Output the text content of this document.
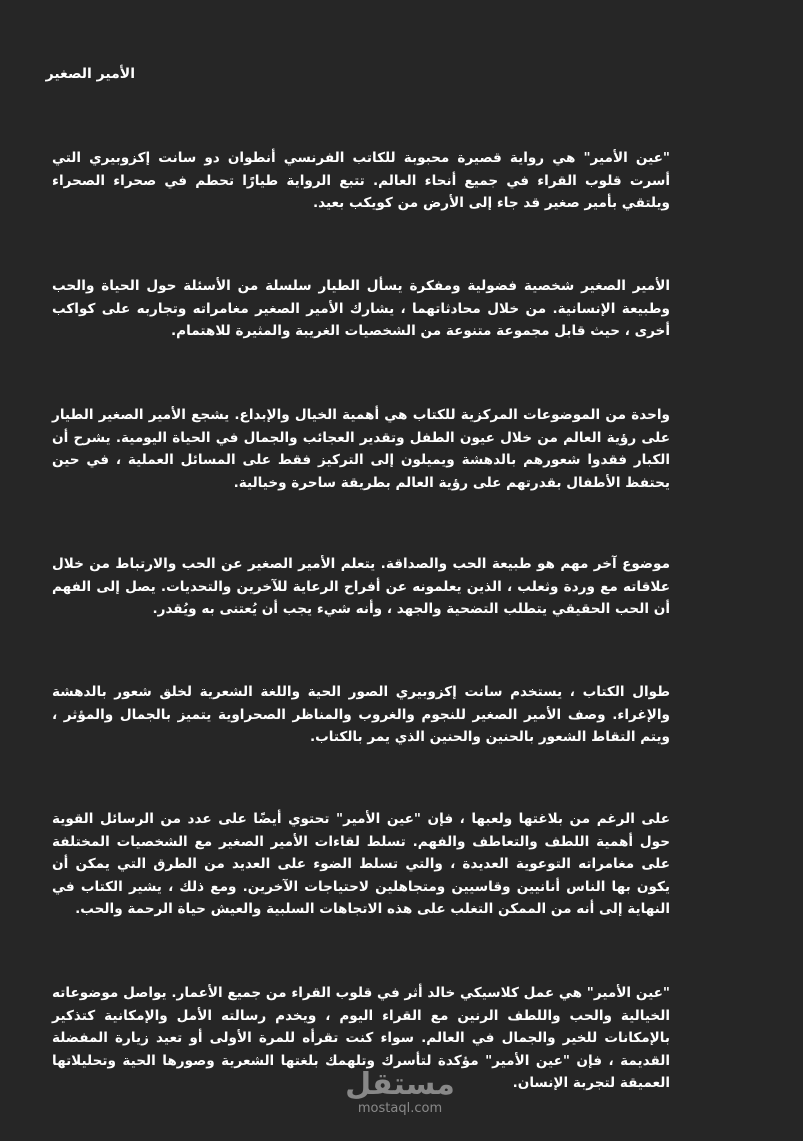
الأمير الصغير

"عين الأمير" هي رواية قصيرة محبوبة للكاتب الفرنسي أنطوان دو سانت إكزوبيري التي أسرت قلوب القراء في جميع أنحاء العالم. تتبع الرواية طيارًا تحطم في صحراء الصحراء ويلتقي بأمير صغير قد جاء إلى الأرض من كويكب بعيد.

الأمير الصغير شخصية فضولية ومفكرة يسأل الطيار سلسلة من الأسئلة حول الحياة والحب وطبيعة الإنسانية. من خلال محادثاتهما ، يشارك الأمير الصغير مغامراته وتجاربه على كواكب أخرى ، حيث قابل مجموعة متنوعة من الشخصيات الغريبة والمثيرة للاهتمام.

واحدة من الموضوعات المركزية للكتاب هي أهمية الخيال والإبداع. يشجع الأمير الصغير الطيار على رؤية العالم من خلال عيون الطفل وتقدير العجائب والجمال في الحياة اليومية. يشرح أن الكبار فقدوا شعورهم بالدهشة ويميلون إلى التركيز فقط على المسائل العملية ، في حين يحتفظ الأطفال بقدرتهم على رؤية العالم بطريقة ساحرة وخيالية.

موضوع آخر مهم هو طبيعة الحب والصداقة. يتعلم الأمير الصغير عن الحب والارتباط من خلال علاقاته مع وردة وثعلب ، الذين يعلمونه عن أفراح الرعاية للآخرين والتحديات. يصل إلى الفهم أن الحب الحقيقي يتطلب التضحية والجهد ، وأنه شيء يجب أن يُعتنى به ويُقدر.

طوال الكتاب ، يستخدم سانت إكزوبيري الصور الحية واللغة الشعرية لخلق شعور بالدهشة والإغراء. وصف الأمير الصغير للنجوم والغروب والمناظر الصحراوية يتميز بالجمال والمؤثر ، ويتم التقاط الشعور بالحنين والحنين الذي يمر بالكتاب.

على الرغم من بلاغتها ولعبها ، فإن "عين الأمير" تحتوي أيضًا على عدد من الرسائل القوية حول أهمية اللطف والتعاطف والفهم. تسلط لقاءات الأمير الصغير مع الشخصيات المختلفة على مغامراته التوعوية العديدة ، والتي تسلط الضوء على العديد من الطرق التي يمكن أن يكون بها الناس أنانيين وقاسيين ومتجاهلين لاحتياجات الآخرين. ومع ذلك ، يشير الكتاب في النهاية إلى أنه من الممكن التغلب على هذه الاتجاهات السلبية والعيش حياة الرحمة والحب.

"عين الأمير" هي عمل كلاسيكي خالد أثر في قلوب القراء من جميع الأعمار. يواصل موضوعاته الخيالية والحب واللطف الرنين مع القراء اليوم ، ويخدم رسالته الأمل والإمكانية كتذكير بالإمكانات للخير والجمال في العالم. سواء كنت تقرأه للمرة الأولى أو تعيد زيارة المفضلة القديمة ، فإن "عين الأمير" مؤكدة لتأسرك وتلهمك بلغتها الشعرية وصورها الحية وتحليلاتها العميقة لتجربة الإنسان.

مستقل
mostaql.com
